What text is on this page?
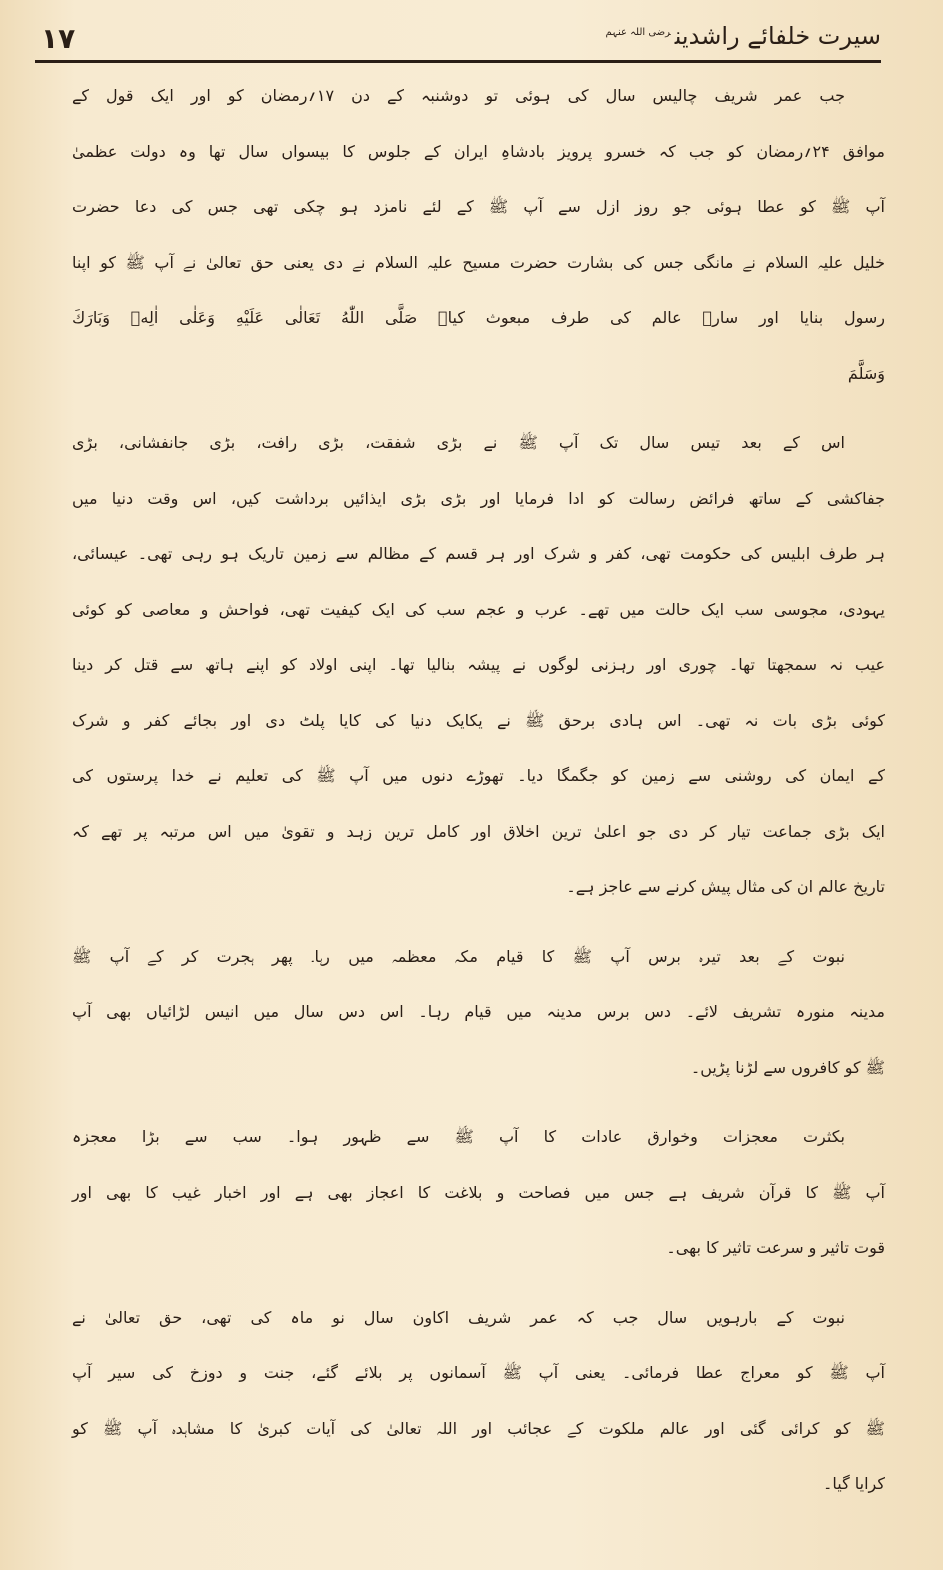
۱۷	سیرت خلفائے راشدین$^{رضی اللہ عنہم}$
جب عمر شریف چالیس سال کی ہوئی تو دوشنبہ کے دن ۱۷؍رمضان کو اور ایک قول کے
موافق ۲۴؍رمضان کو جب کہ خسرو پرویز بادشاہِ ایران کے جلوس کا بیسواں سال تھا وہ دولت عظمیٰ
آپ ﷺ کو عطا ہوئی جو روز ازل سے آپ ﷺ کے لئے نامزد ہو چکی تھی جس کی دعا حضرت
خلیل علیہ السلام نے مانگی جس کی بشارت حضرت مسیح علیہ السلام نے دی یعنی حق تعالیٰ نے آپ ﷺ کو اپنا
رسول بنایا اور سارے عالم کی طرف مبعوث کیا۔ صَلَّى اللّٰهُ تَعَالٰى عَلَيْهِ وَعَلٰى اٰلِهٖ وَبَارَكَ
وَسَلَّمَ
اس کے بعد تیس سال تک آپ ﷺ نے بڑی شفقت، بڑی رافت، بڑی جانفشانی، بڑی
جفاکشی کے ساتھ فرائض رسالت کو ادا فرمایا اور بڑی بڑی ایذائیں برداشت کیں، اس وقت دنیا میں
ہر طرف ابلیس کی حکومت تھی، کفر و شرک اور ہر قسم کے مظالم سے زمین تاریک ہو رہی تھی۔ عیسائی،
یہودی، مجوسی سب ایک حالت میں تھے۔ عرب و عجم سب کی ایک کیفیت تھی، فواحش و معاصی کو کوئی
عیب نہ سمجھتا تھا۔ چوری اور رہزنی لوگوں نے پیشہ بنالیا تھا۔ اپنی اولاد کو اپنے ہاتھ سے قتل کر دینا
کوئی بڑی بات نہ تھی۔ اس ہادی برحق ﷺ نے یکایک دنیا کی کایا پلٹ دی اور بجائے کفر و شرک
کے ایمان کی روشنی سے زمین کو جگمگا دیا۔ تھوڑے دنوں میں آپ ﷺ کی تعلیم نے خدا پرستوں کی
ایک بڑی جماعت تیار کر دی جو اعلیٰ ترین اخلاق اور کامل ترین زہد و تقویٰ میں اس مرتبہ پر تھے کہ
تاریخ عالم ان کی مثال پیش کرنے سے عاجز ہے۔
نبوت کے بعد تیرہ برس آپ ﷺ کا قیام مکہ معظمہ میں رہا۔ پھر ہجرت کر کے آپ ﷺ
مدینہ منورہ تشریف لائے۔ دس برس مدینہ میں قیام رہا۔ اس دس سال میں انیس لڑائیاں بھی آپ
ﷺ کو کافروں سے لڑنا پڑیں۔
بکثرت معجزات وخوارق عادات کا آپ ﷺ سے ظہور ہوا۔ سب سے بڑا معجزہ
آپ ﷺ کا قرآن شریف ہے جس میں فصاحت و بلاغت کا اعجاز بھی ہے اور اخبار غیب کا بھی اور
قوت تاثیر و سرعت تاثیر کا بھی۔
نبوت کے بارہویں سال جب کہ عمر شریف اکاون سال نو ماہ کی تھی، حق تعالیٰ نے
آپ ﷺ کو معراج عطا فرمائی۔ یعنی آپ ﷺ آسمانوں پر بلائے گئے، جنت و دوزخ کی سیر آپ
ﷺ کو کرائی گئی اور عالم ملکوت کے عجائب اور اللہ تعالیٰ کی آیات کبریٰ کا مشاہدہ آپ ﷺ کو
کرایا گیا۔
